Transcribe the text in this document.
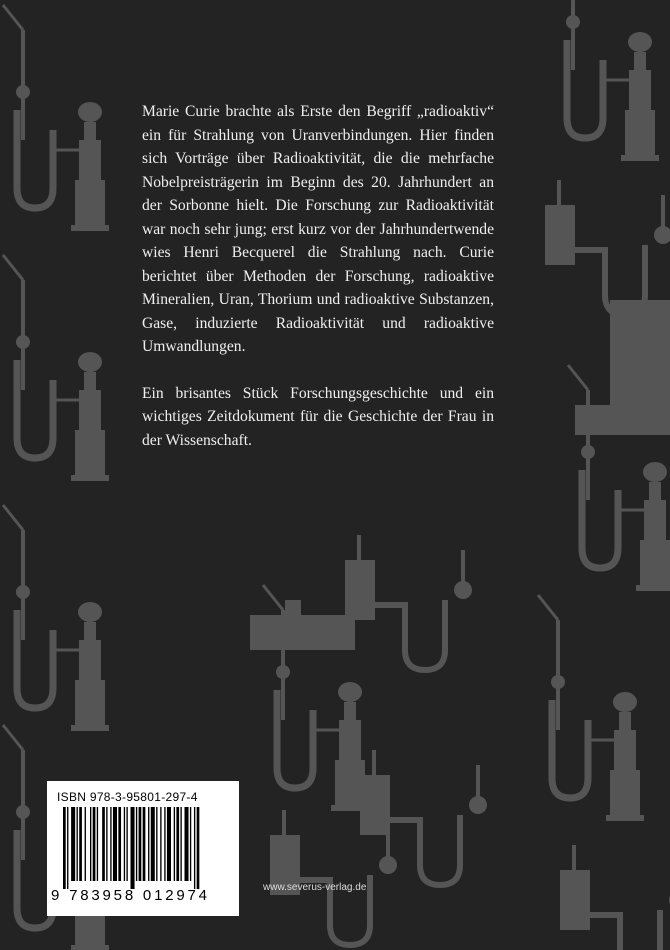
Marie Curie brachte als Erste den Begriff „radioaktiv“ ein für Strahlung von Uranverbindungen. Hier finden sich Vorträge über Radioaktivität, die die mehrfache Nobelpreisträgerin im Beginn des 20. Jahrhundert an der Sorbonne hielt. Die Forschung zur Radioaktivität war noch sehr jung; erst kurz vor der Jahrhundertwende wies Henri Becquerel die Strahlung nach. Curie berichtet über Methoden der Forschung, radioaktive Mineralien, Uran, Thorium und radioaktive Substanzen, Gase, induzierte Radioaktivität und radioaktive Umwandlungen.

Ein brisantes Stück Forschungsgeschichte und ein wichtiges Zeitdokument für die Geschichte der Frau in der Wissenschaft.

ISBN 978-3-95801-297-4
9 783958 012974	www.severus-verlag.de
